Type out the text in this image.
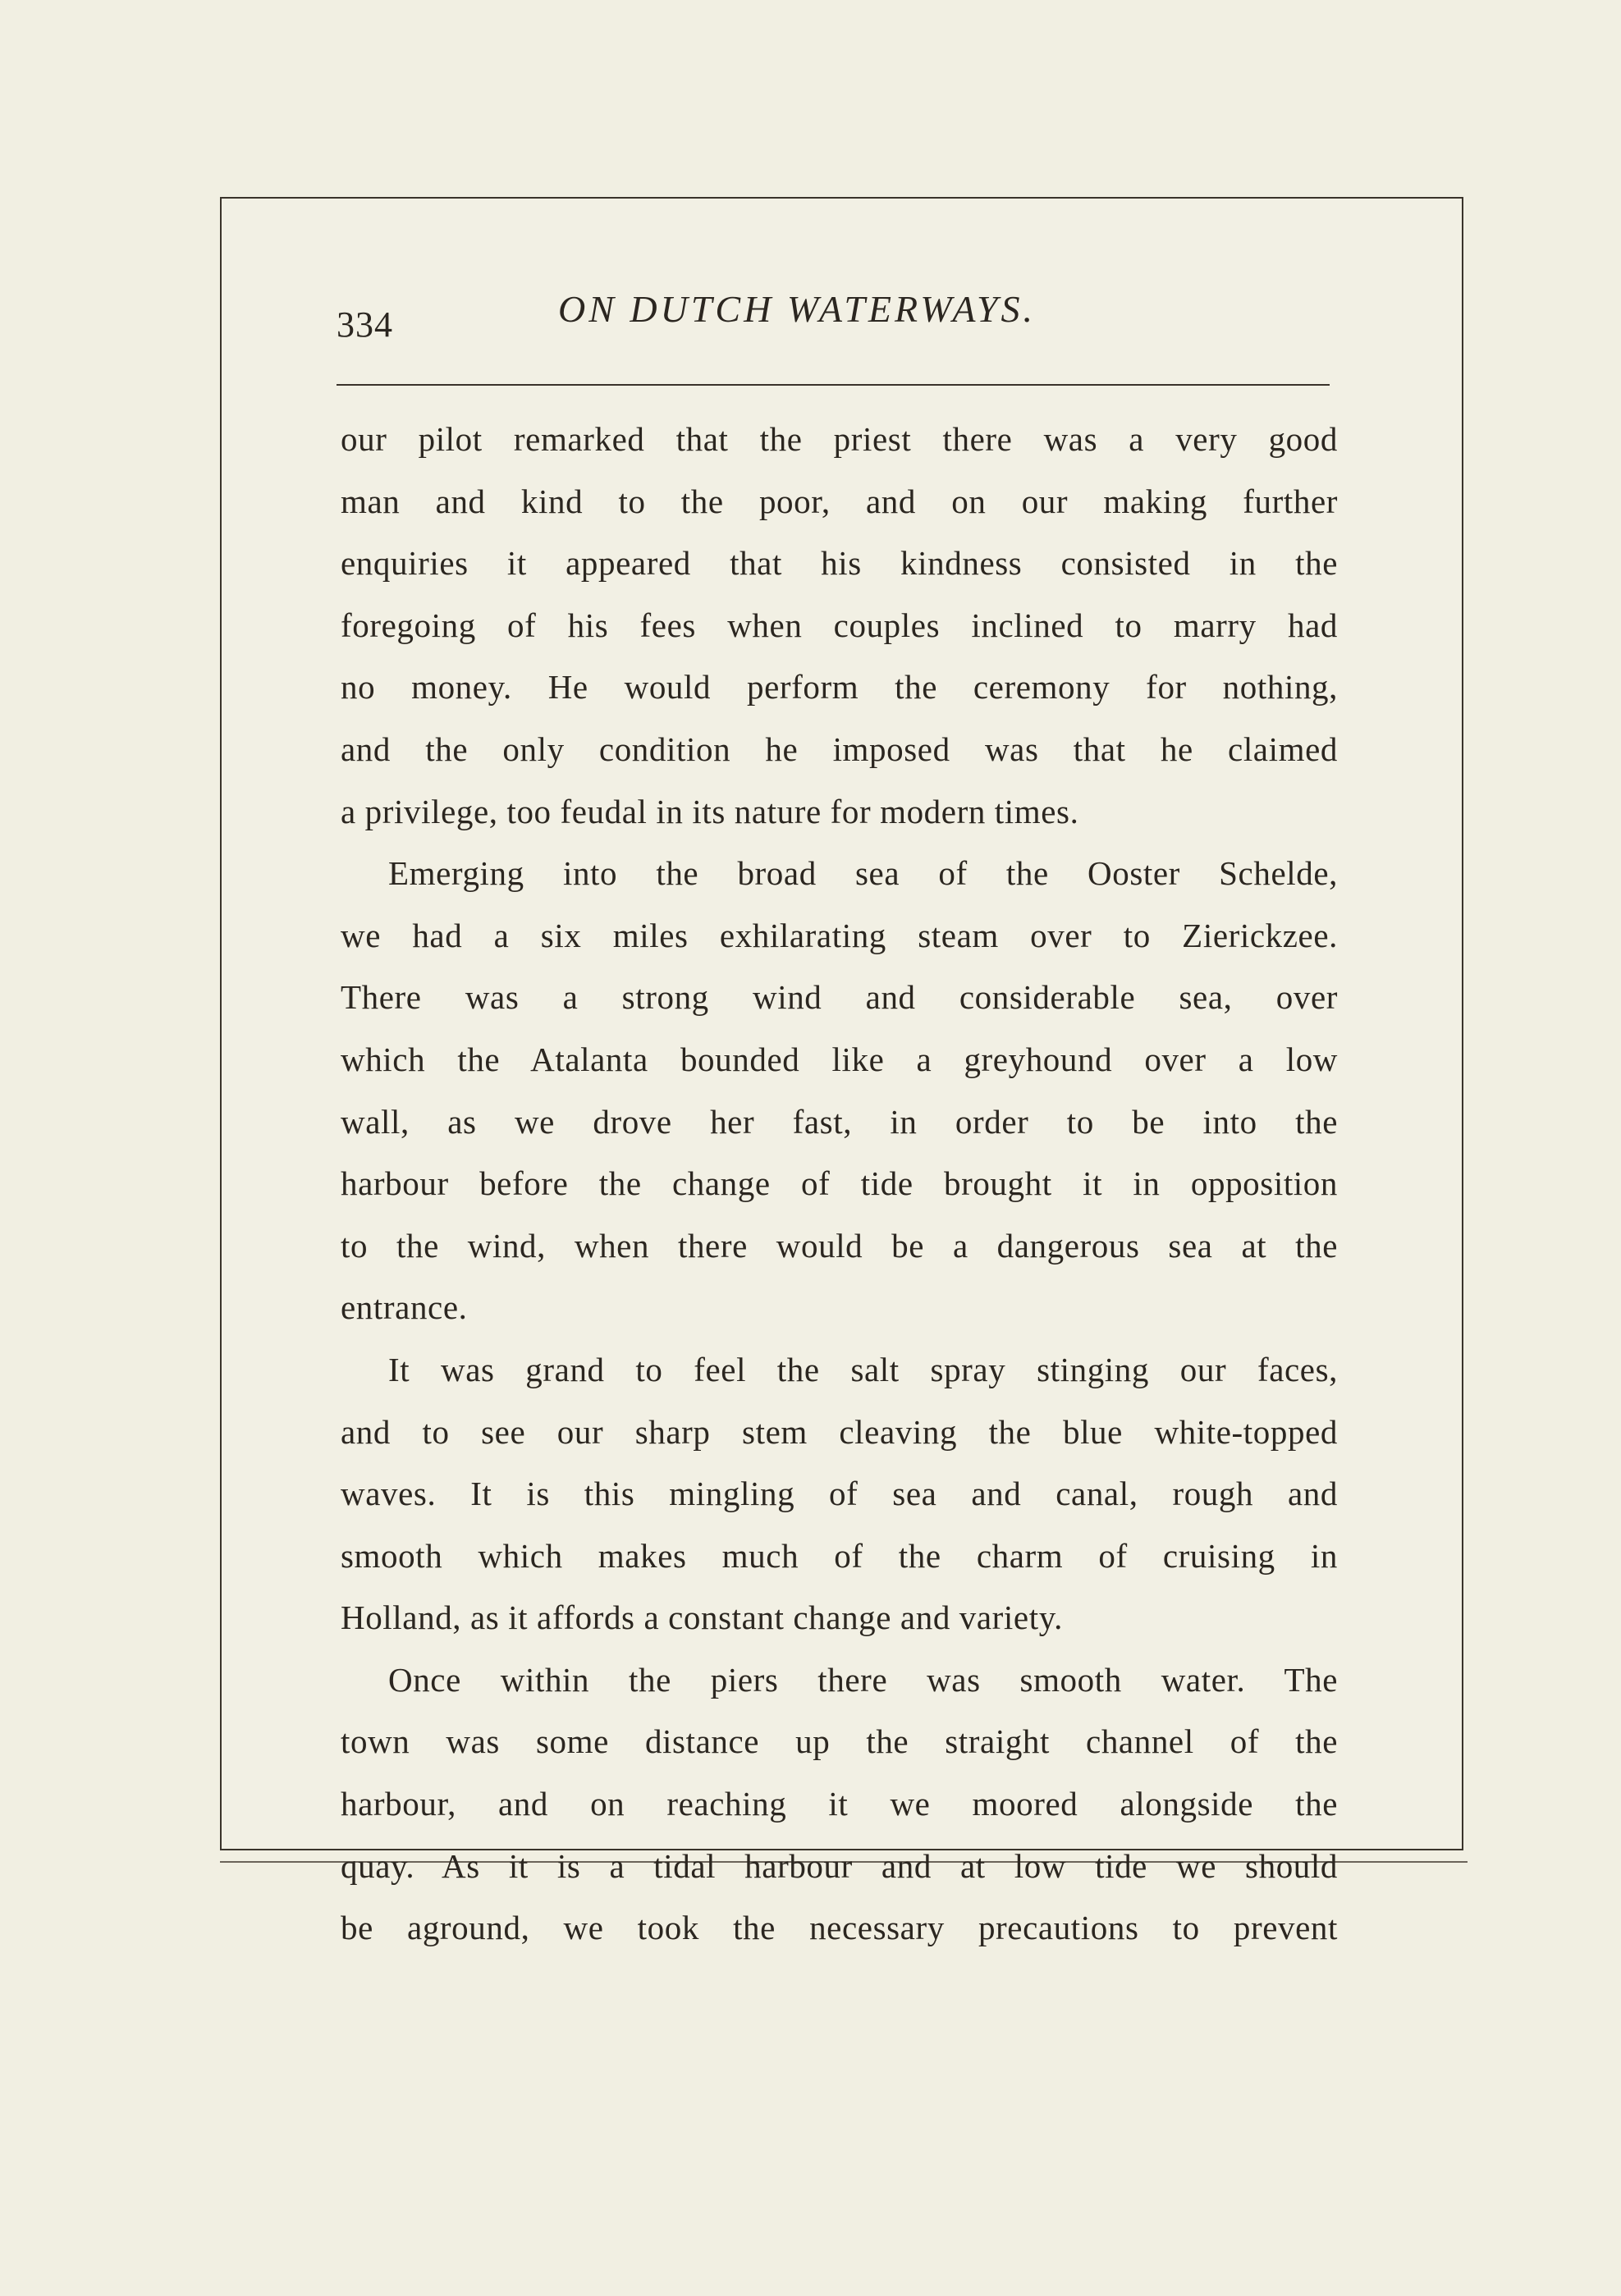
334	ON DUTCH WATERWAYS.
our pilot remarked that the priest there was a very good
man and kind to the poor, and on our making further
enquiries it appeared that his kindness consisted in the
foregoing of his fees when couples inclined to marry had
no money. He would perform the ceremony for nothing,
and the only condition he imposed was that he claimed
a privilege, too feudal in its nature for modern times.
Emerging into the broad sea of the Ooster Schelde,
we had a six miles exhilarating steam over to Zierickzee.
There was a strong wind and considerable sea, over
which the Atalanta bounded like a greyhound over a low
wall, as we drove her fast, in order to be into the
harbour before the change of tide brought it in opposition
to the wind, when there would be a dangerous sea at the
entrance.
It was grand to feel the salt spray stinging our faces,
and to see our sharp stem cleaving the blue white-topped
waves. It is this mingling of sea and canal, rough and
smooth which makes much of the charm of cruising in
Holland, as it affords a constant change and variety.
Once within the piers there was smooth water. The
town was some distance up the straight channel of the
harbour, and on reaching it we moored alongside the
quay. As it is a tidal harbour and at low tide we should
be aground, we took the necessary precautions to prevent
